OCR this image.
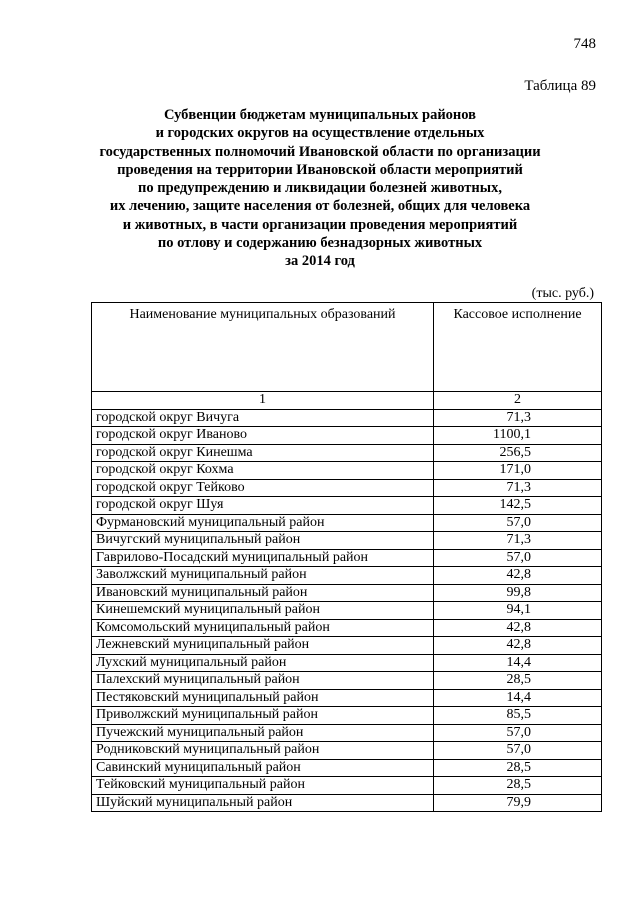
748
Таблица 89
Субвенции бюджетам муниципальных районов
и городских округов на осуществление отдельных
государственных полномочий Ивановской области по организации
проведения на территории Ивановской области мероприятий
по предупреждению и ликвидации болезней животных,
их лечению, защите населения от болезней, общих для человека
и животных, в части организации проведения мероприятий
по отлову и содержанию безнадзорных животных
за 2014 год
(тыс. руб.)
Наименование муниципальных образований	Кассовое исполнение
1	2
городской округ Вичуга	71,3
городской округ Иваново	1100,1
городской округ Кинешма	256,5
городской округ Кохма	171,0
городской округ Тейково	71,3
городской округ Шуя	142,5
Фурмановский муниципальный район	57,0
Вичугский муниципальный район	71,3
Гаврилово-Посадский муниципальный район	57,0
Заволжский муниципальный район	42,8
Ивановский муниципальный район	99,8
Кинешемский муниципальный район	94,1
Комсомольский муниципальный район	42,8
Лежневский муниципальный район	42,8
Лухский муниципальный район	14,4
Палехский муниципальный район	28,5
Пестяковский муниципальный район	14,4
Приволжский муниципальный район	85,5
Пучежский муниципальный район	57,0
Родниковский муниципальный район	57,0
Савинский муниципальный район	28,5
Тейковский муниципальный район	28,5
Шуйский муниципальный район	79,9
